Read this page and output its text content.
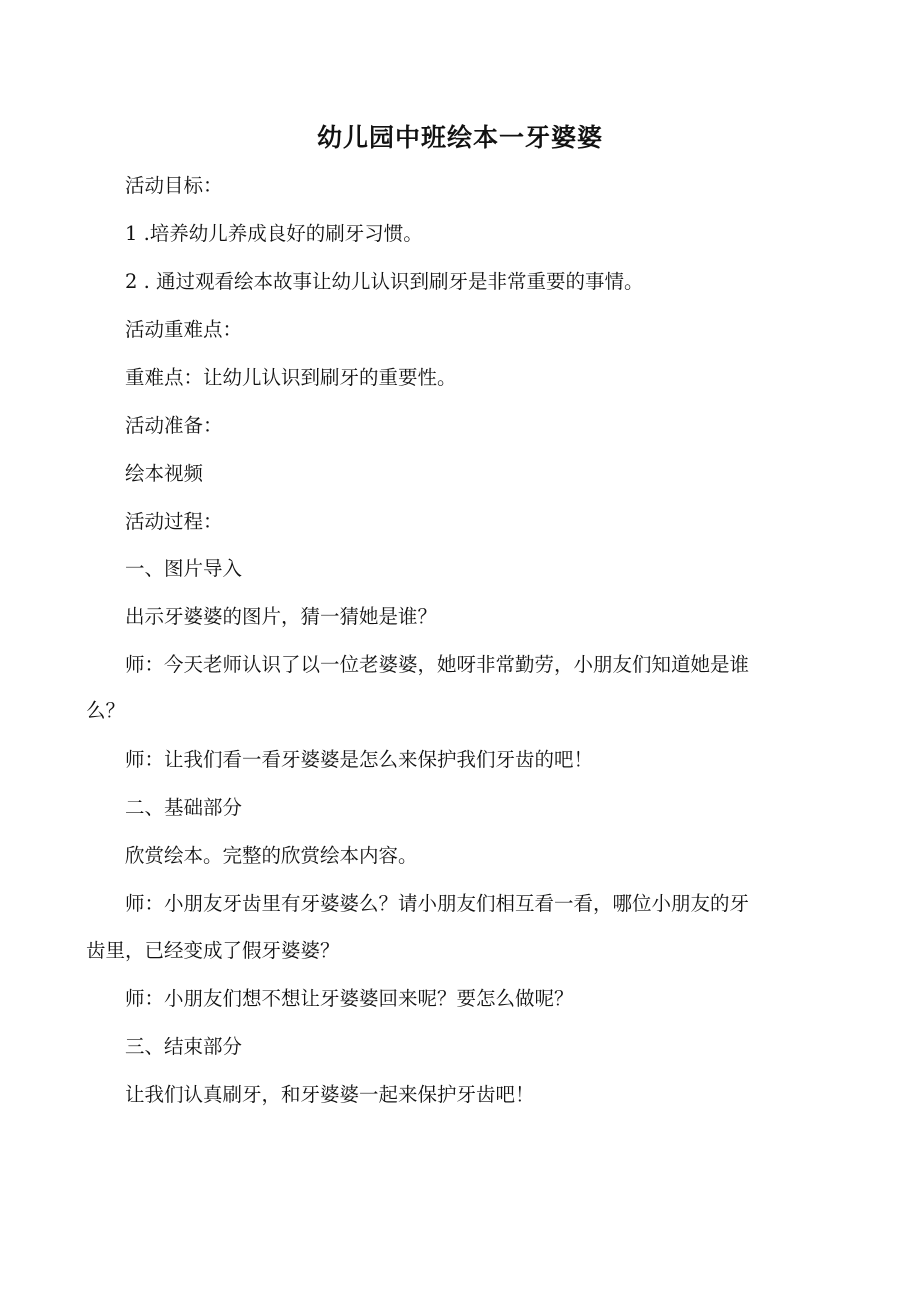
幼儿园中班绘本一牙婆婆

活动目标：

1 .培养幼儿养成良好的刷牙习惯。

2 . 通过观看绘本故事让幼儿认识到刷牙是非常重要的事情。

活动重难点：

重难点：让幼儿认识到刷牙的重要性。

活动准备：

绘本视频

活动过程：

一、图片导入

出示牙婆婆的图片，猜一猜她是谁？

师：今天老师认识了以一位老婆婆，她呀非常勤劳，小朋友们知道她是谁
么？

师：让我们看一看牙婆婆是怎么来保护我们牙齿的吧！

二、基础部分

欣赏绘本。完整的欣赏绘本内容。

师：小朋友牙齿里有牙婆婆么？请小朋友们相互看一看，哪位小朋友的牙
齿里，已经变成了假牙婆婆？

师：小朋友们想不想让牙婆婆回来呢？要怎么做呢？

三、结束部分

让我们认真刷牙，和牙婆婆一起来保护牙齿吧！
